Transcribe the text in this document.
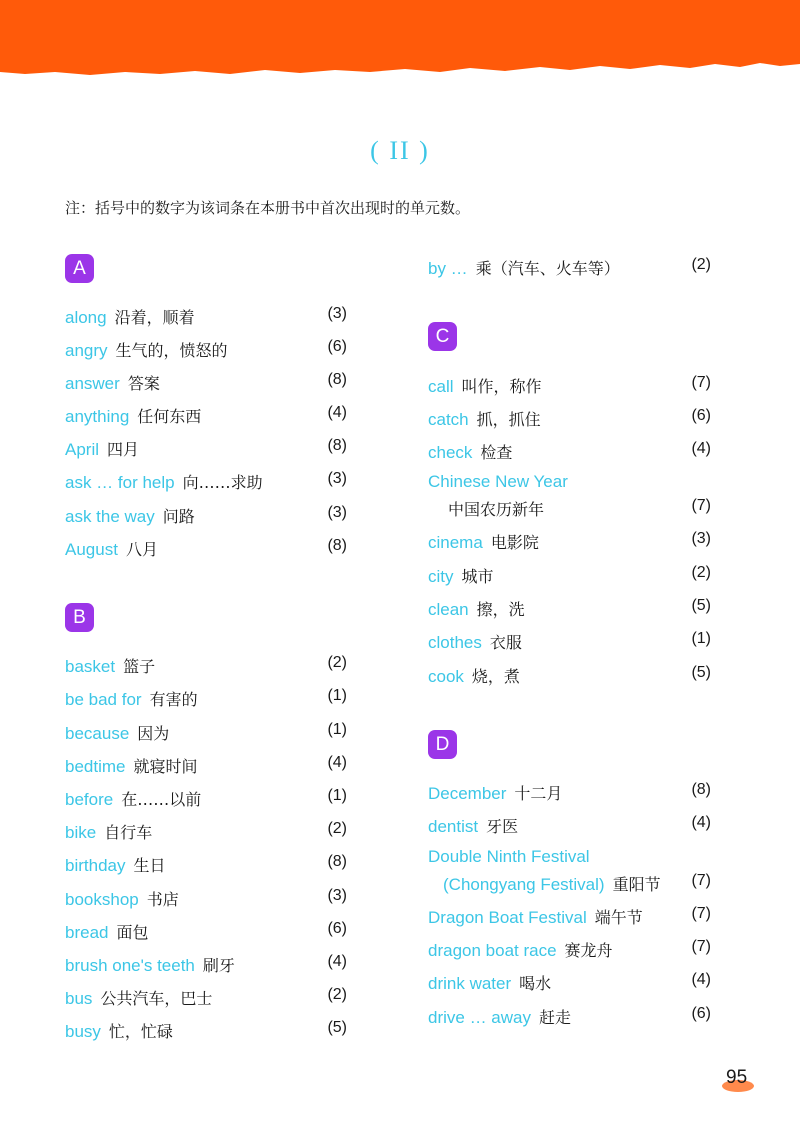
( II )
注：括号中的数字为该词条在本册书中首次出现时的单元数。
A
along 沿着，顺着	(3)
angry 生气的，愤怒的	(6)
answer 答案	(8)
anything 任何东西	(4)
April 四月	(8)
ask … for help 向……求助	(3)
ask the way 问路	(3)
August 八月	(8)
B
basket 篮子	(2)
be bad for 有害的	(1)
because 因为	(1)
bedtime 就寝时间	(4)
before 在……以前	(1)
bike 自行车	(2)
birthday 生日	(8)
bookshop 书店	(3)
bread 面包	(6)
brush one's teeth 刷牙	(4)
bus 公共汽车，巴士	(2)
busy 忙，忙碌	(5)
by … 乘（汽车、火车等）	(2)
C
call 叫作，称作	(7)
catch 抓，抓住	(6)
check 检查	(4)
Chinese New Year
中国农历新年	(7)
cinema 电影院	(3)
city 城市	(2)
clean 擦，洗	(5)
clothes 衣服	(1)
cook 烧，煮	(5)
D
December 十二月	(8)
dentist 牙医	(4)
Double Ninth Festival
(Chongyang Festival) 重阳节 (7)
Dragon Boat Festival 端午节	(7)
dragon boat race 赛龙舟	(7)
drink water 喝水	(4)
drive … away 赶走	(6)
95
